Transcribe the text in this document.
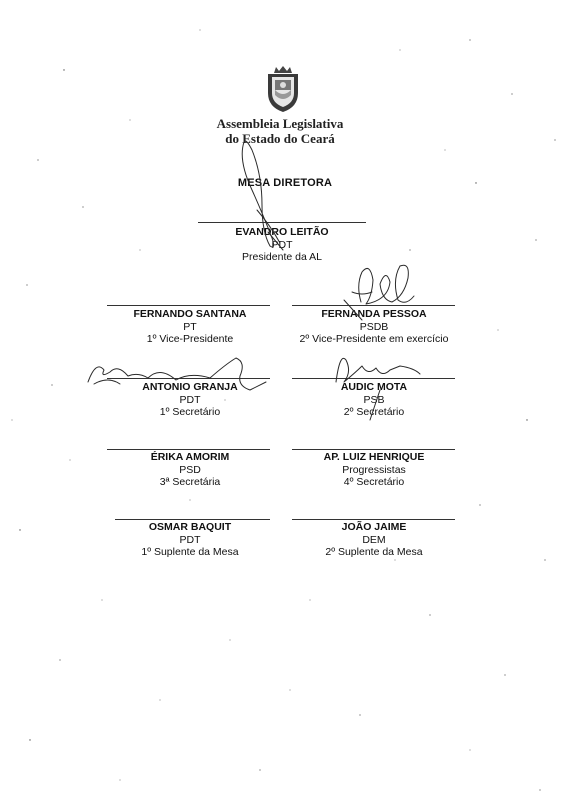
Assembleia Legislativa
do Estado do Ceará
MESA DIRETORA
EVANDRO LEITÃO
PDT
Presidente da AL
FERNANDO SANTANA
PT
1º Vice-Presidente
FERNANDA PESSOA
PSDB
2º Vice-Presidente em exercício
ANTONIO GRANJA
PDT
1º Secretário
AUDIC MOTA
PSB
2º Secretário
ÉRIKA AMORIM
PSD
3ª Secretária
AP. LUIZ HENRIQUE
Progressistas
4º Secretário
OSMAR BAQUIT
PDT
1º Suplente da Mesa
JOÃO JAIME
DEM
2º Suplente da Mesa
